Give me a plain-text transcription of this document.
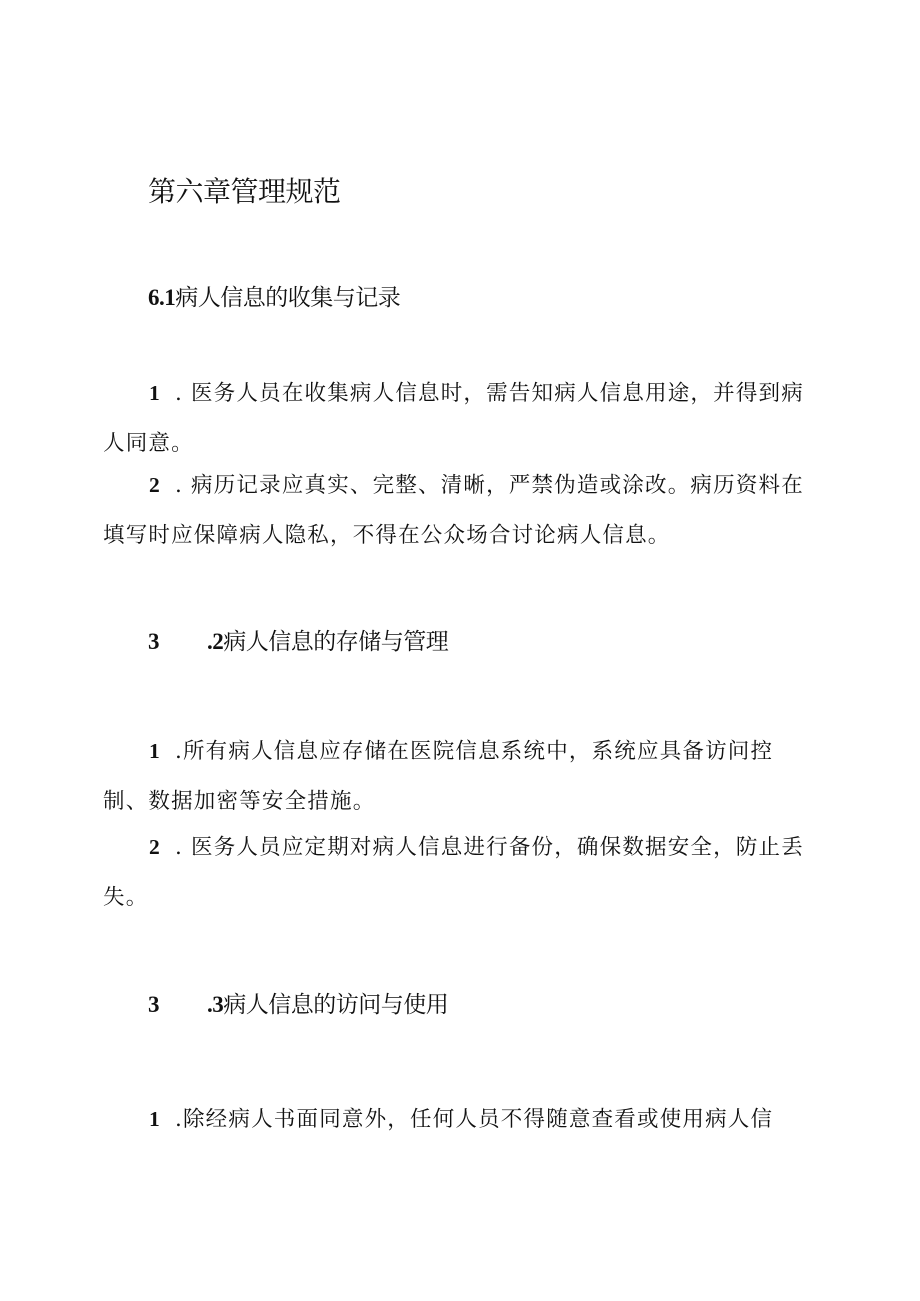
第六章管理规范
6.1 病人信息的收集与记录
1 . 医务人员在收集病人信息时，需告知病人信息用途，并得到病人同意。
2 . 病历记录应真实、完整、清晰，严禁伪造或涂改。病历资料在填写时应保障病人隐私，不得在公众场合讨论病人信息。
3 .2 病人信息的存储与管理
1 .所有病人信息应存储在医院信息系统中，系统应具备访问控制、数据加密等安全措施。
2 . 医务人员应定期对病人信息进行备份，确保数据安全，防止丢失。
3 .3 病人信息的访问与使用
1 .除经病人书面同意外，任何人员不得随意查看或使用病人信
